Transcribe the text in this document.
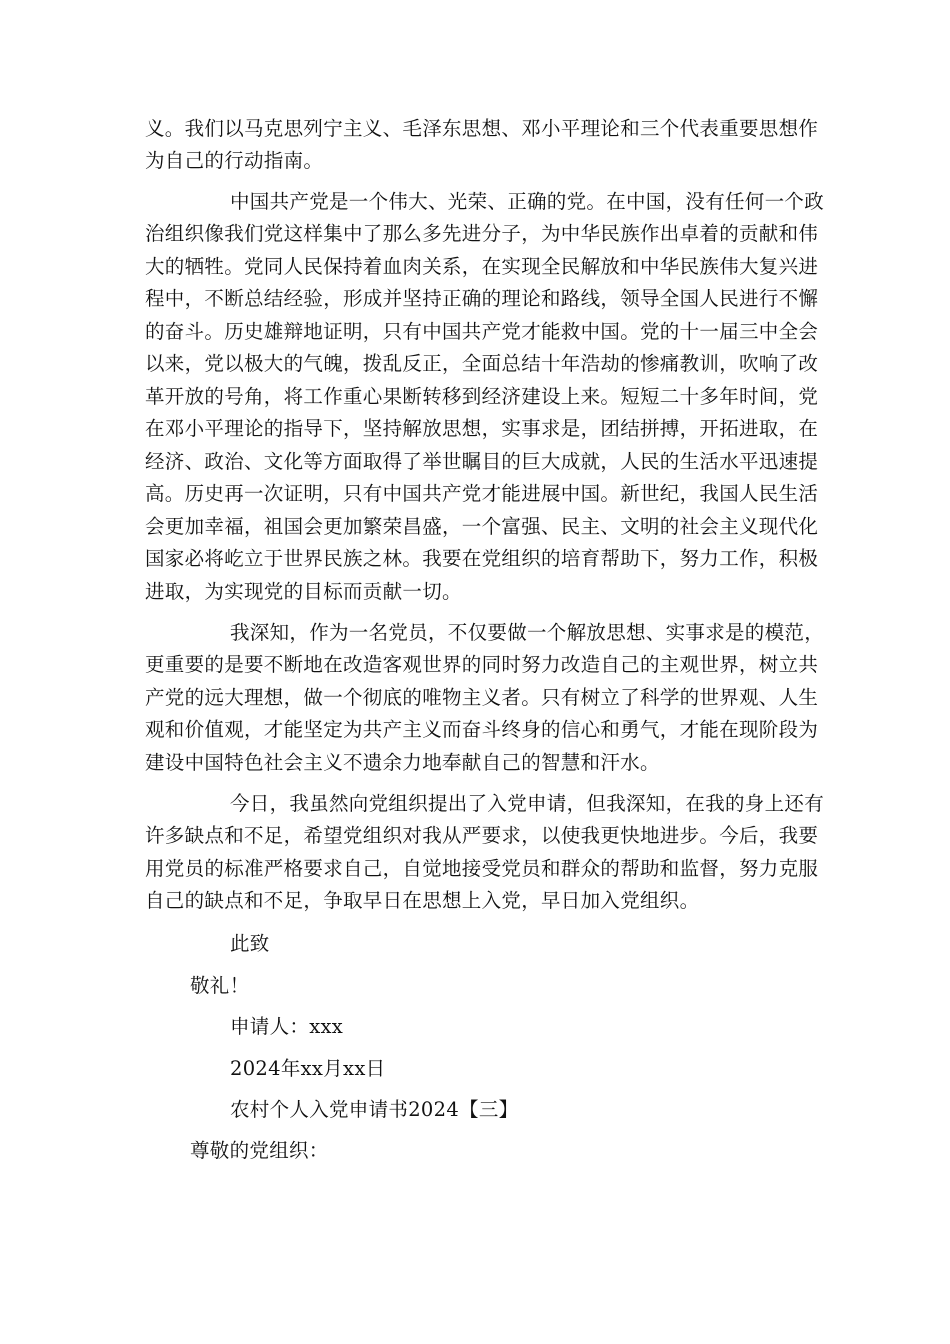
义。我们以马克思列宁主义、毛泽东思想、邓小平理论和三个代表重要思想作
为自己的行动指南。
中国共产党是一个伟大、光荣、正确的党。在中国，没有任何一个政
治组织像我们党这样集中了那么多先进分子，为中华民族作出卓着的贡献和伟
大的牺牲。党同人民保持着血肉关系，在实现全民解放和中华民族伟大复兴进
程中，不断总结经验，形成并坚持正确的理论和路线，领导全国人民进行不懈
的奋斗。历史雄辩地证明，只有中国共产党才能救中国。党的十一届三中全会
以来，党以极大的气魄，拨乱反正，全面总结十年浩劫的惨痛教训，吹响了改
革开放的号角，将工作重心果断转移到经济建设上来。短短二十多年时间，党
在邓小平理论的指导下，坚持解放思想，实事求是，团结拼搏，开拓进取，在
经济、政治、文化等方面取得了举世瞩目的巨大成就，人民的生活水平迅速提
高。历史再一次证明，只有中国共产党才能进展中国。新世纪，我国人民生活
会更加幸福，祖国会更加繁荣昌盛，一个富强、民主、文明的社会主义现代化
国家必将屹立于世界民族之林。我要在党组织的培育帮助下，努力工作，积极
进取，为实现党的目标而贡献一切。
我深知，作为一名党员，不仅要做一个解放思想、实事求是的模范，
更重要的是要不断地在改造客观世界的同时努力改造自己的主观世界，树立共
产党的远大理想，做一个彻底的唯物主义者。只有树立了科学的世界观、人生
观和价值观，才能坚定为共产主义而奋斗终身的信心和勇气，才能在现阶段为
建设中国特色社会主义不遗余力地奉献自己的智慧和汗水。
今日，我虽然向党组织提出了入党申请，但我深知，在我的身上还有
许多缺点和不足，希望党组织对我从严要求，以使我更快地进步。今后，我要
用党员的标准严格要求自己，自觉地接受党员和群众的帮助和监督，努力克服
自己的缺点和不足，争取早日在思想上入党，早日加入党组织。
此致
敬礼！
申请人：xxx
2024年xx月xx日
农村个人入党申请书2024【三】
尊敬的党组织：
